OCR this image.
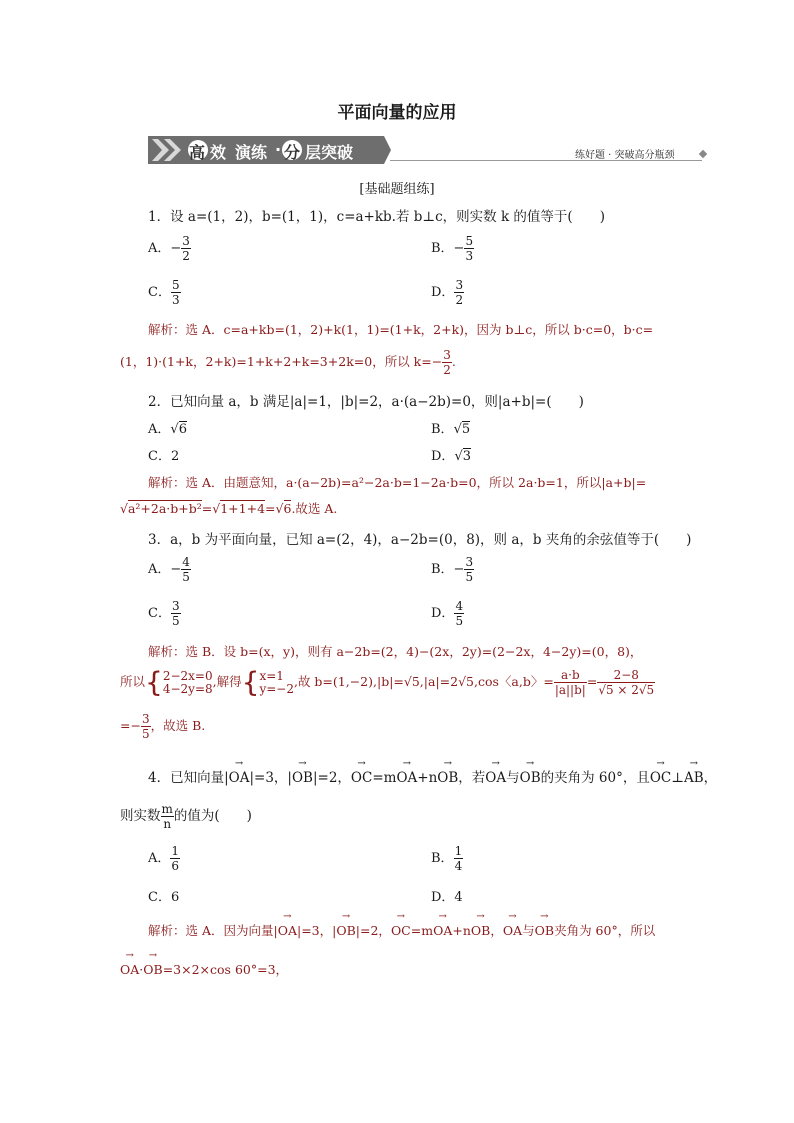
平面向量的应用
高 效 演练 · 分 层突破	练好题 · 突破高分瓶颈
[基础题组练]
1．设 a=(1，2)，b=(1，1)，c=a+kb.若 b⊥c，则实数 k 的值等于(　　)
A．− $\frac{3}{2}$	B．− $\frac{5}{3}$
C． $\frac{5}{3}$	D． $\frac{3}{2}$
解析：选 A．c=a+kb=(1，2)+k(1，1)=(1+k，2+k)，因为 b⊥c，所以 b·c=0，b·c=
(1，1)·(1+k，2+k)=1+k+2+k=3+2k=0，所以 $k=- \frac{3}{2}$ .
2．已知向量 a，b 满足|a|=1，|b|=2，a·(a−2b)=0，则|a+b|=(　　)
A．√6	B．√5
C．2	D．√3
解析：选 A．由题意知，a·(a−2b)=a²−2a·b=1−2a·b=0，所以 2a·b=1，所以|a+b|=
√a²+2a·b+b²=√1+1+4=√6.故选 A.
3．a，b 为平面向量，已知 a=(2，4)，a−2b=(0，8)，则 a，b 夹角的余弦值等于(　　)
A．− $\frac{4}{5}$	B．− $\frac{3}{5}$
C． $\frac{3}{5}$	D． $\frac{4}{5}$
解析：选 B．设 b=(x，y)，则有 a−2b=(2，4)−(2x，2y)=(2−2x，4−2y)=(0，8)，
所以{2−2x=0
4−2y=8,解得{x=1
y=−2,故 b=(1,−2),|b|=√5,|a|=2√5,cos〈a,b〉= $\frac{a\cdot b}{|a||b|} = \frac{2-8}{√5 \times 2√5}$
=− $\frac{3}{5}$ ，故选 B.
4．已知向量|→ OA|=3，|→ OB|=2，→ OC=m→ OA+n→ OB，若→ OA与→ OB的夹角为 60°，且→ OC⊥→ AB，
则实数 $\frac{m}{n}$ 的值为(　　)
A． $\frac{1}{6}$	B． $\frac{1}{4}$
C．6	D．4
解析：选 A．因为向量|→ OA|=3，|→ OB|=2，→ OC=m→ OA+n→ OB，→ OA与→ OB夹角为 60°，所以
→ OA·→ OB=3×2×cos 60°=3，
